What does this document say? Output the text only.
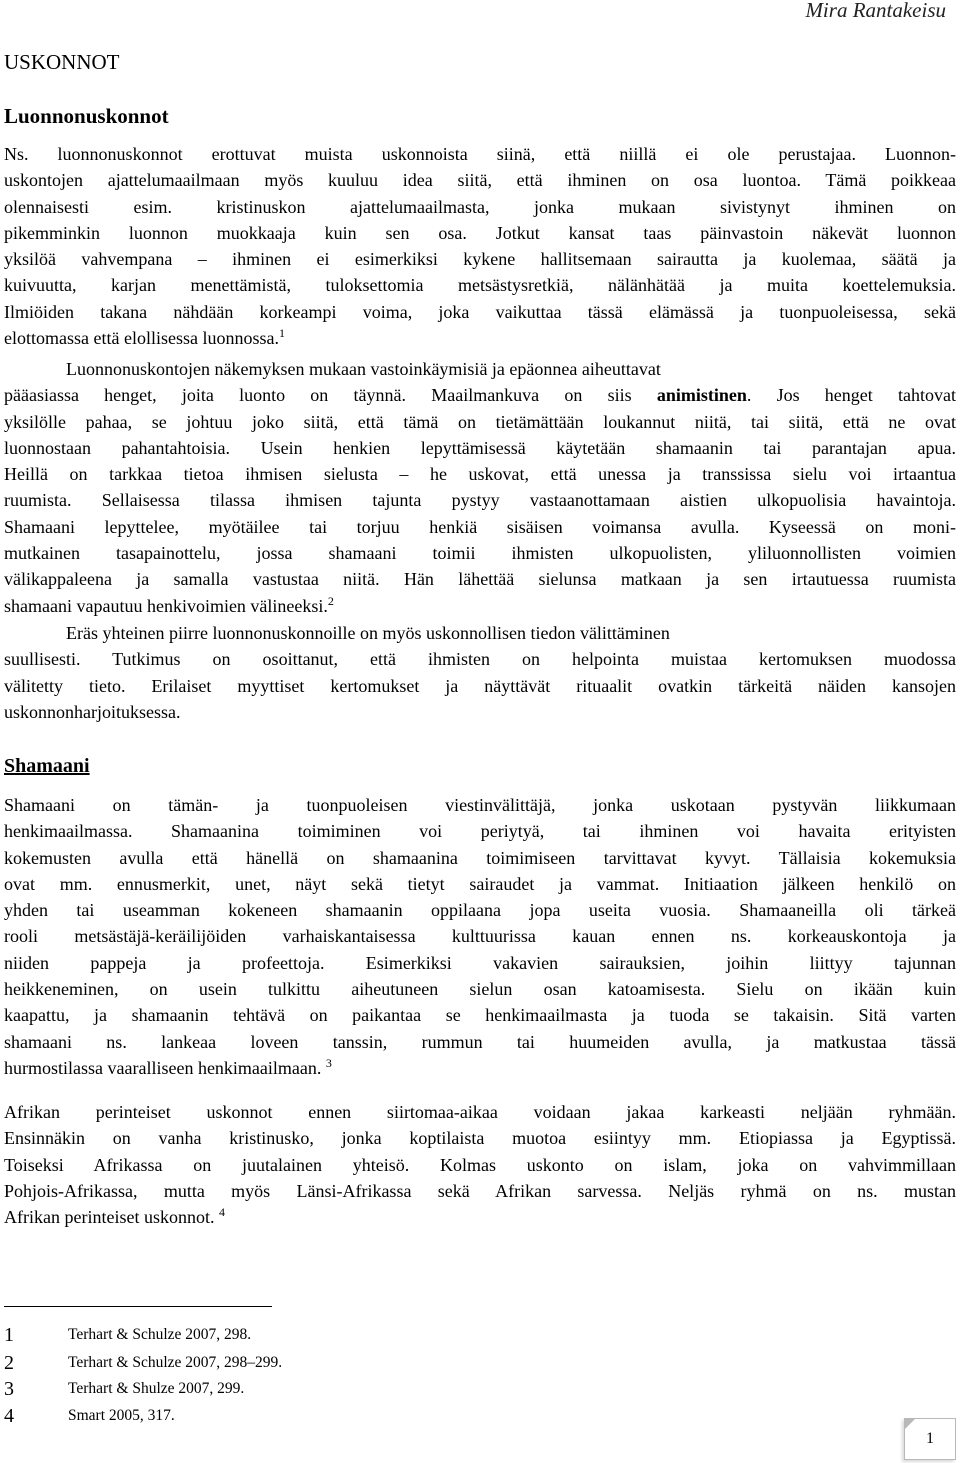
Mira Rantakeisu
USKONNOT
Luonnonuskonnot
Ns. luonnonuskonnot erottuvat muista uskonnoista siinä, että niillä ei ole perustajaa. Luonnon-
uskontojen ajattelumaailmaan myös kuuluu idea siitä, että ihminen on osa luontoa. Tämä poikkeaa
olennaisesti esim. kristinuskon ajattelumaailmasta, jonka mukaan sivistynyt ihminen on
pikemminkin luonnon muokkaaja kuin sen osa. Jotkut kansat taas päinvastoin näkevät luonnon
yksilöä vahvempana – ihminen ei esimerkiksi kykene hallitsemaan sairautta ja kuolemaa, säätä ja
kuivuutta, karjan menettämistä, tuloksettomia metsästysretkiä, nälänhätää ja muita koettelemuksia.
Ilmiöiden takana nähdään korkeampi voima, joka vaikuttaa tässä elämässä ja tuonpuoleisessa, sekä
elottomassa että elollisessa luonnossa.$^1$
Luonnonuskontojen näkemyksen mukaan vastoinkäymisiä ja epäonnea aiheuttavat
pääasiassa henget, joita luonto on täynnä. Maailmankuva on siis animistinen. Jos henget tahtovat
yksilölle pahaa, se johtuu joko siitä, että tämä on tietämättään loukannut niitä, tai siitä, että ne ovat
luonnostaan pahantahtoisia. Usein henkien lepyttämisessä käytetään shamaanin tai parantajan apua.
Heillä on tarkkaa tietoa ihmisen sielusta – he uskovat, että unessa ja transsissa sielu voi irtaantua
ruumista. Sellaisessa tilassa ihmisen tajunta pystyy vastaanottamaan aistien ulkopuolisia havaintoja.
Shamaani lepyttelee, myötäilee tai torjuu henkiä sisäisen voimansa avulla. Kyseessä on moni-
mutkainen tasapainottelu, jossa shamaani toimii ihmisten ulkopuolisten, yliluonnollisten voimien
välikappaleena ja samalla vastustaa niitä. Hän lähettää sielunsa matkaan ja sen irtautuessa ruumista
shamaani vapautuu henkivoimien välineeksi.$^2$
Eräs yhteinen piirre luonnonuskonnoille on myös uskonnollisen tiedon välittäminen
suullisesti. Tutkimus on osoittanut, että ihmisten on helpointa muistaa kertomuksen muodossa
välitetty tieto. Erilaiset myyttiset kertomukset ja näyttävät rituaalit ovatkin tärkeitä näiden kansojen
uskonnonharjoituksessa.
Shamaani
Shamaani on tämän- ja tuonpuoleisen viestinvälittäjä, jonka uskotaan pystyvän liikkumaan
henkimaailmassa. Shamaanina toimiminen voi periytyä, tai ihminen voi havaita erityisten
kokemusten avulla että hänellä on shamaanina toimimiseen tarvittavat kyvyt. Tällaisia kokemuksia
ovat mm. ennusmerkit, unet, näyt sekä tietyt sairaudet ja vammat. Initiaation jälkeen henkilö on
yhden tai useamman kokeneen shamaanin oppilaana jopa useita vuosia. Shamaaneilla oli tärkeä
rooli metsästäjä-keräilijöiden varhaiskantaisessa kulttuurissa kauan ennen ns. korkeauskontoja ja
niiden pappeja ja profeettoja. Esimerkiksi vakavien sairauksien, joihin liittyy tajunnan
heikkeneminen, on usein tulkittu aiheutuneen sielun osan katoamisesta. Sielu on ikään kuin
kaapattu, ja shamaanin tehtävä on paikantaa se henkimaailmasta ja tuoda se takaisin. Sitä varten
shamaani ns. lankeaa loveen tanssin, rummun tai huumeiden avulla, ja matkustaa tässä
hurmostilassa vaaralliseen henkimaailmaan. $^3$
Afrikan perinteiset uskonnot ennen siirtomaa-aikaa voidaan jakaa karkeasti neljään ryhmään.
Ensinnäkin on vanha kristinusko, jonka koptilaista muotoa esiintyy mm. Etiopiassa ja Egyptissä.
Toiseksi Afrikassa on juutalainen yhteisö. Kolmas uskonto on islam, joka on vahvimmillaan
Pohjois-Afrikassa, mutta myös Länsi-Afrikassa sekä Afrikan sarvessa. Neljäs ryhmä on ns. mustan
Afrikan perinteiset uskonnot. $^4$
1	Terhart & Schulze 2007, 298.
2	Terhart & Schulze 2007, 298–299.
3	Terhart & Shulze 2007, 299.
4	Smart 2005, 317.
1
